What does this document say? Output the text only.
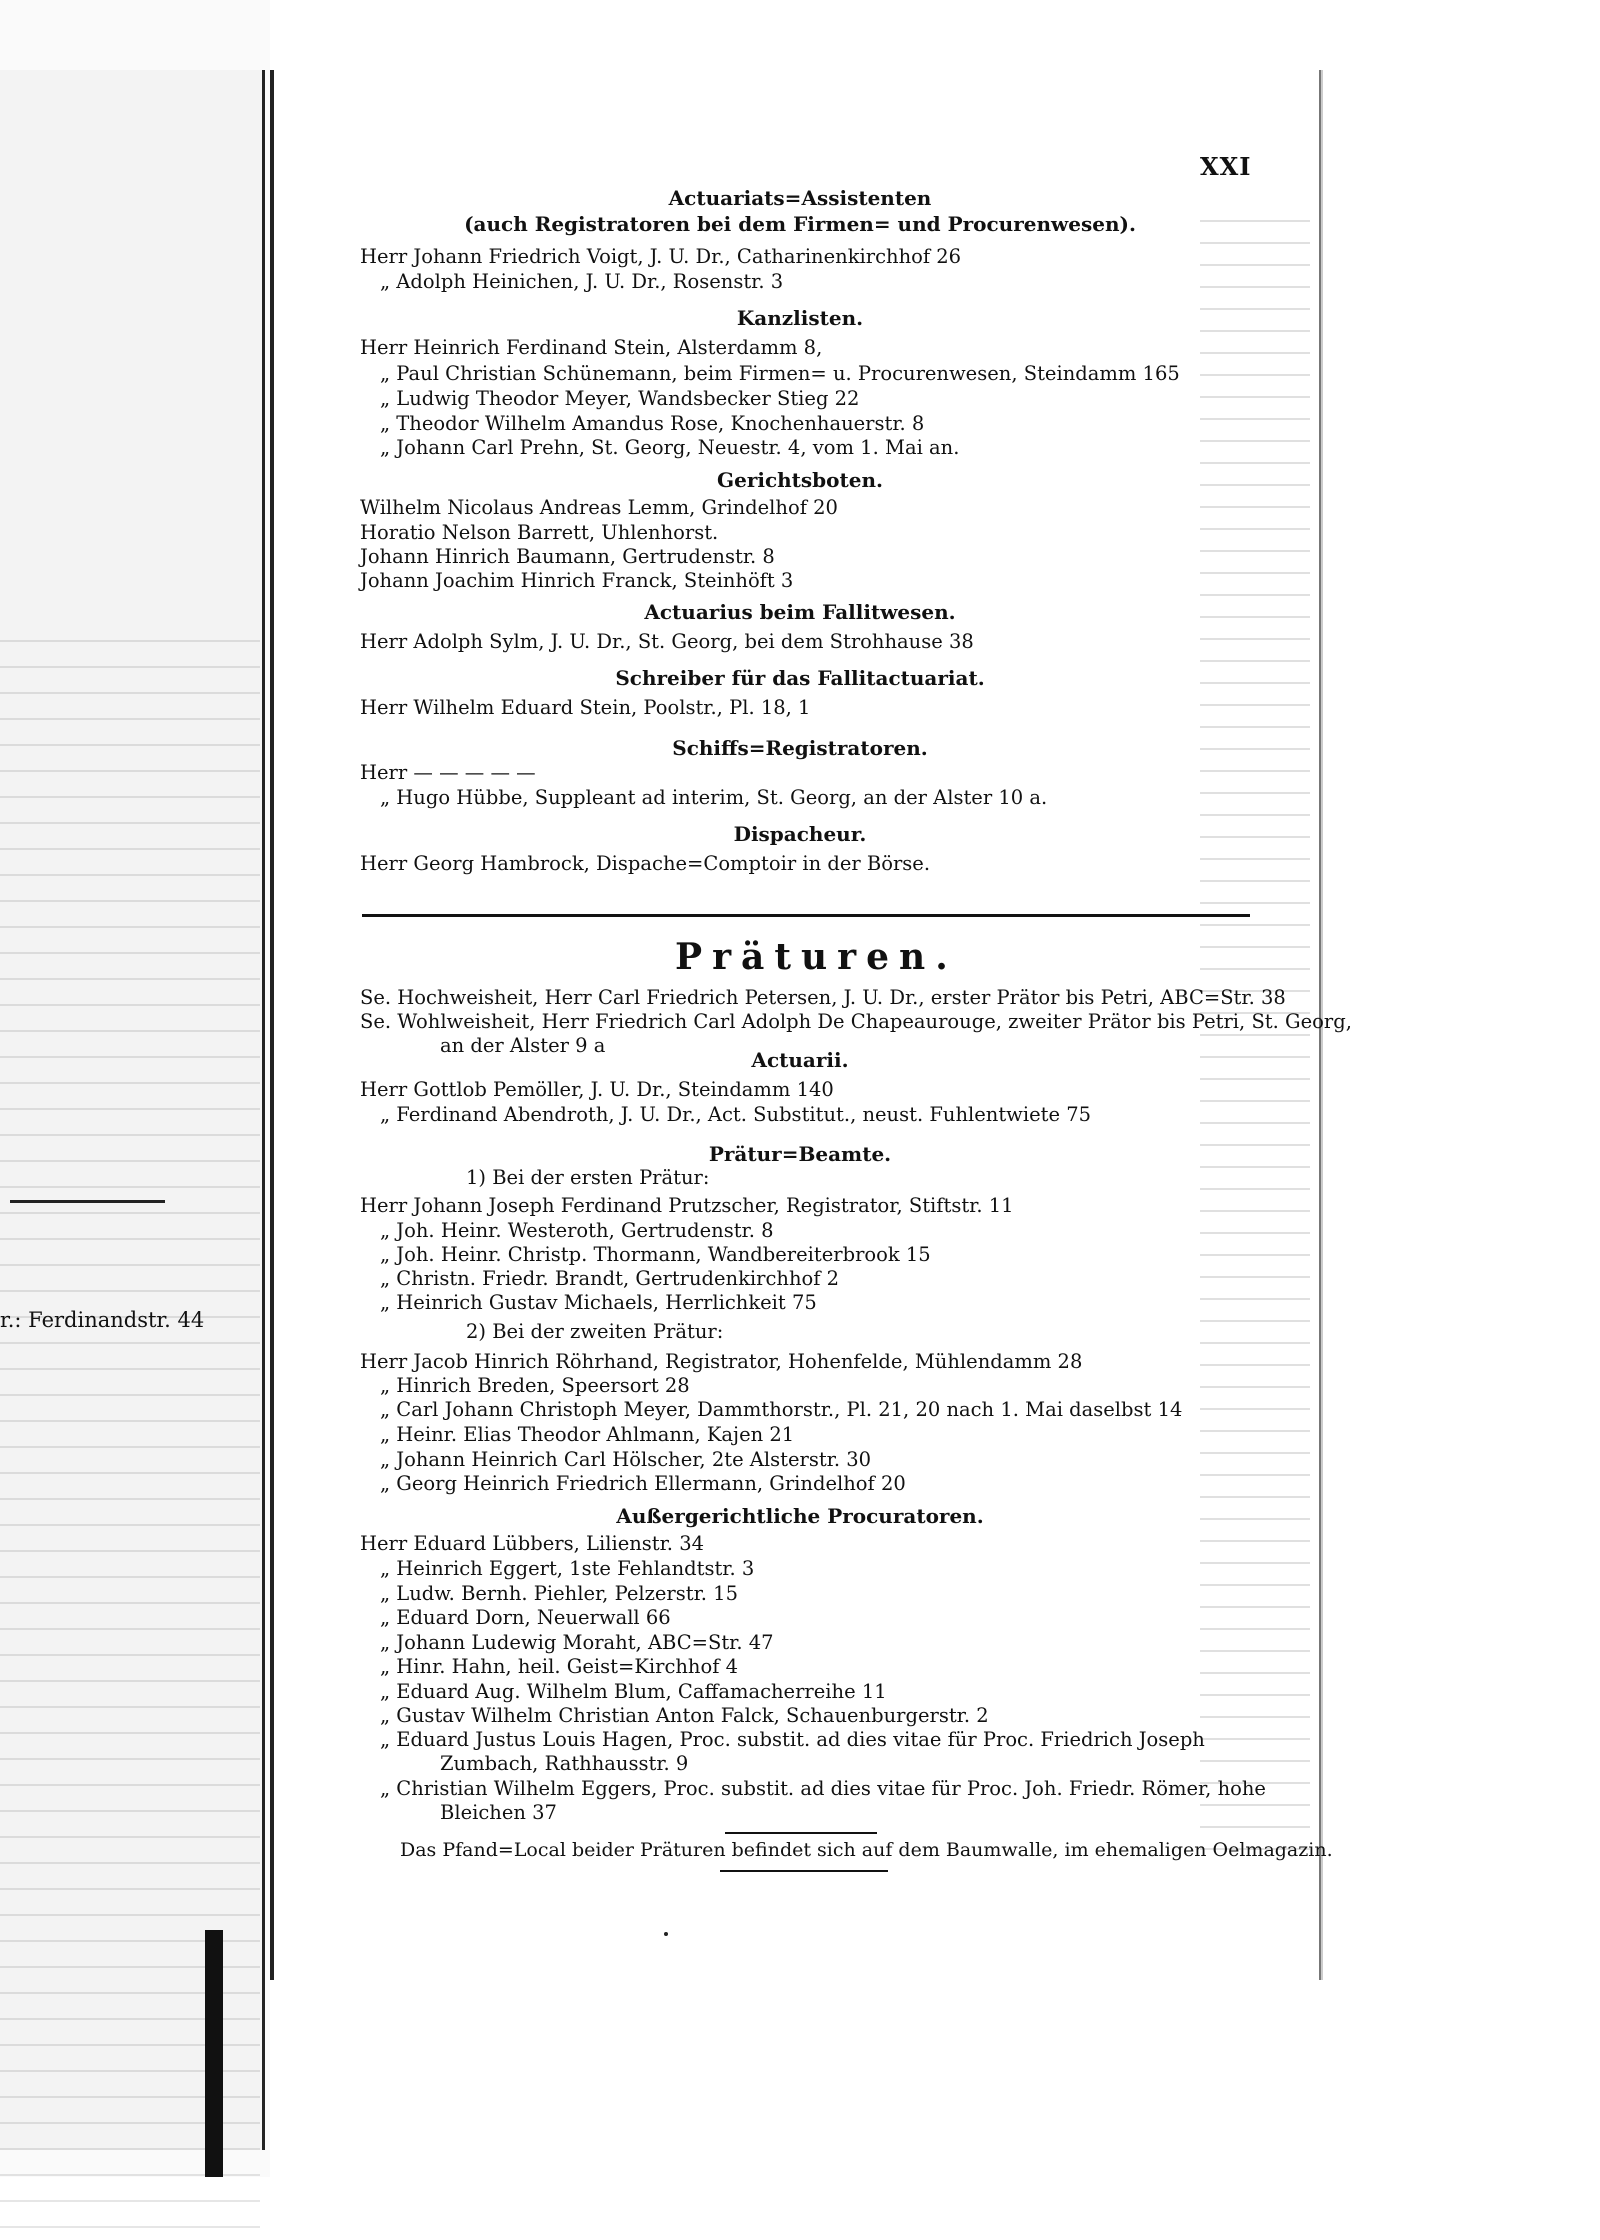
r.: Ferdinandstr. 44
XXI
Actuariats=Assistenten
(auch Registratoren bei dem Firmen= und Procurenwesen).
Herr Johann Friedrich Voigt, J. U. Dr., Catharinenkirchhof 26
„ Adolph Heinichen, J. U. Dr., Rosenstr. 3
Kanzlisten.
Herr Heinrich Ferdinand Stein, Alsterdamm 8,
„ Paul Christian Schünemann, beim Firmen= u. Procurenwesen, Steindamm 165
„ Ludwig Theodor Meyer, Wandsbecker Stieg 22
„ Theodor Wilhelm Amandus Rose, Knochenhauerstr. 8
„ Johann Carl Prehn, St. Georg, Neuestr. 4, vom 1. Mai an.
Gerichtsboten.
Wilhelm Nicolaus Andreas Lemm, Grindelhof 20
Horatio Nelson Barrett, Uhlenhorst.
Johann Hinrich Baumann, Gertrudenstr. 8
Johann Joachim Hinrich Franck, Steinhöft 3
Actuarius beim Fallitwesen.
Herr Adolph Sylm, J. U. Dr., St. Georg, bei dem Strohhause 38
Schreiber für das Fallitactuariat.
Herr Wilhelm Eduard Stein, Poolstr., Pl. 18, 1
Schiffs=Registratoren.
Herr — — — — —
„ Hugo Hübbe, Suppleant ad interim, St. Georg, an der Alster 10 a.
Dispacheur.
Herr Georg Hambrock, Dispache=Comptoir in der Börse.
Präturen.
Se. Hochweisheit, Herr Carl Friedrich Petersen, J. U. Dr., erster Prätor bis Petri, ABC=Str. 38
Se. Wohlweisheit, Herr Friedrich Carl Adolph De Chapeaurouge, zweiter Prätor bis Petri, St. Georg,
an der Alster 9 a
Actuarii.
Herr Gottlob Pemöller, J. U. Dr., Steindamm 140
„ Ferdinand Abendroth, J. U. Dr., Act. Substitut., neust. Fuhlentwiete 75
Prätur=Beamte.
1) Bei der ersten Prätur:
Herr Johann Joseph Ferdinand Prutzscher, Registrator, Stiftstr. 11
„ Joh. Heinr. Westeroth, Gertrudenstr. 8
„ Joh. Heinr. Christp. Thormann, Wandbereiterbrook 15
„ Christn. Friedr. Brandt, Gertrudenkirchhof 2
„ Heinrich Gustav Michaels, Herrlichkeit 75
2) Bei der zweiten Prätur:
Herr Jacob Hinrich Röhrhand, Registrator, Hohenfelde, Mühlendamm 28
„ Hinrich Breden, Speersort 28
„ Carl Johann Christoph Meyer, Dammthorstr., Pl. 21, 20 nach 1. Mai daselbst 14
„ Heinr. Elias Theodor Ahlmann, Kajen 21
„ Johann Heinrich Carl Hölscher, 2te Alsterstr. 30
„ Georg Heinrich Friedrich Ellermann, Grindelhof 20
Außergerichtliche Procuratoren.
Herr Eduard Lübbers, Lilienstr. 34
„ Heinrich Eggert, 1ste Fehlandtstr. 3
„ Ludw. Bernh. Piehler, Pelzerstr. 15
„ Eduard Dorn, Neuerwall 66
„ Johann Ludewig Moraht, ABC=Str. 47
„ Hinr. Hahn, heil. Geist=Kirchhof 4
„ Eduard Aug. Wilhelm Blum, Caffamacherreihe 11
„ Gustav Wilhelm Christian Anton Falck, Schauenburgerstr. 2
„ Eduard Justus Louis Hagen, Proc. substit. ad dies vitae für Proc. Friedrich Joseph
Zumbach, Rathhausstr. 9
„ Christian Wilhelm Eggers, Proc. substit. ad dies vitae für Proc. Joh. Friedr. Römer, hohe
Bleichen 37
Das Pfand=Local beider Präturen befindet sich auf dem Baumwalle, im ehemaligen Oelmagazin.
